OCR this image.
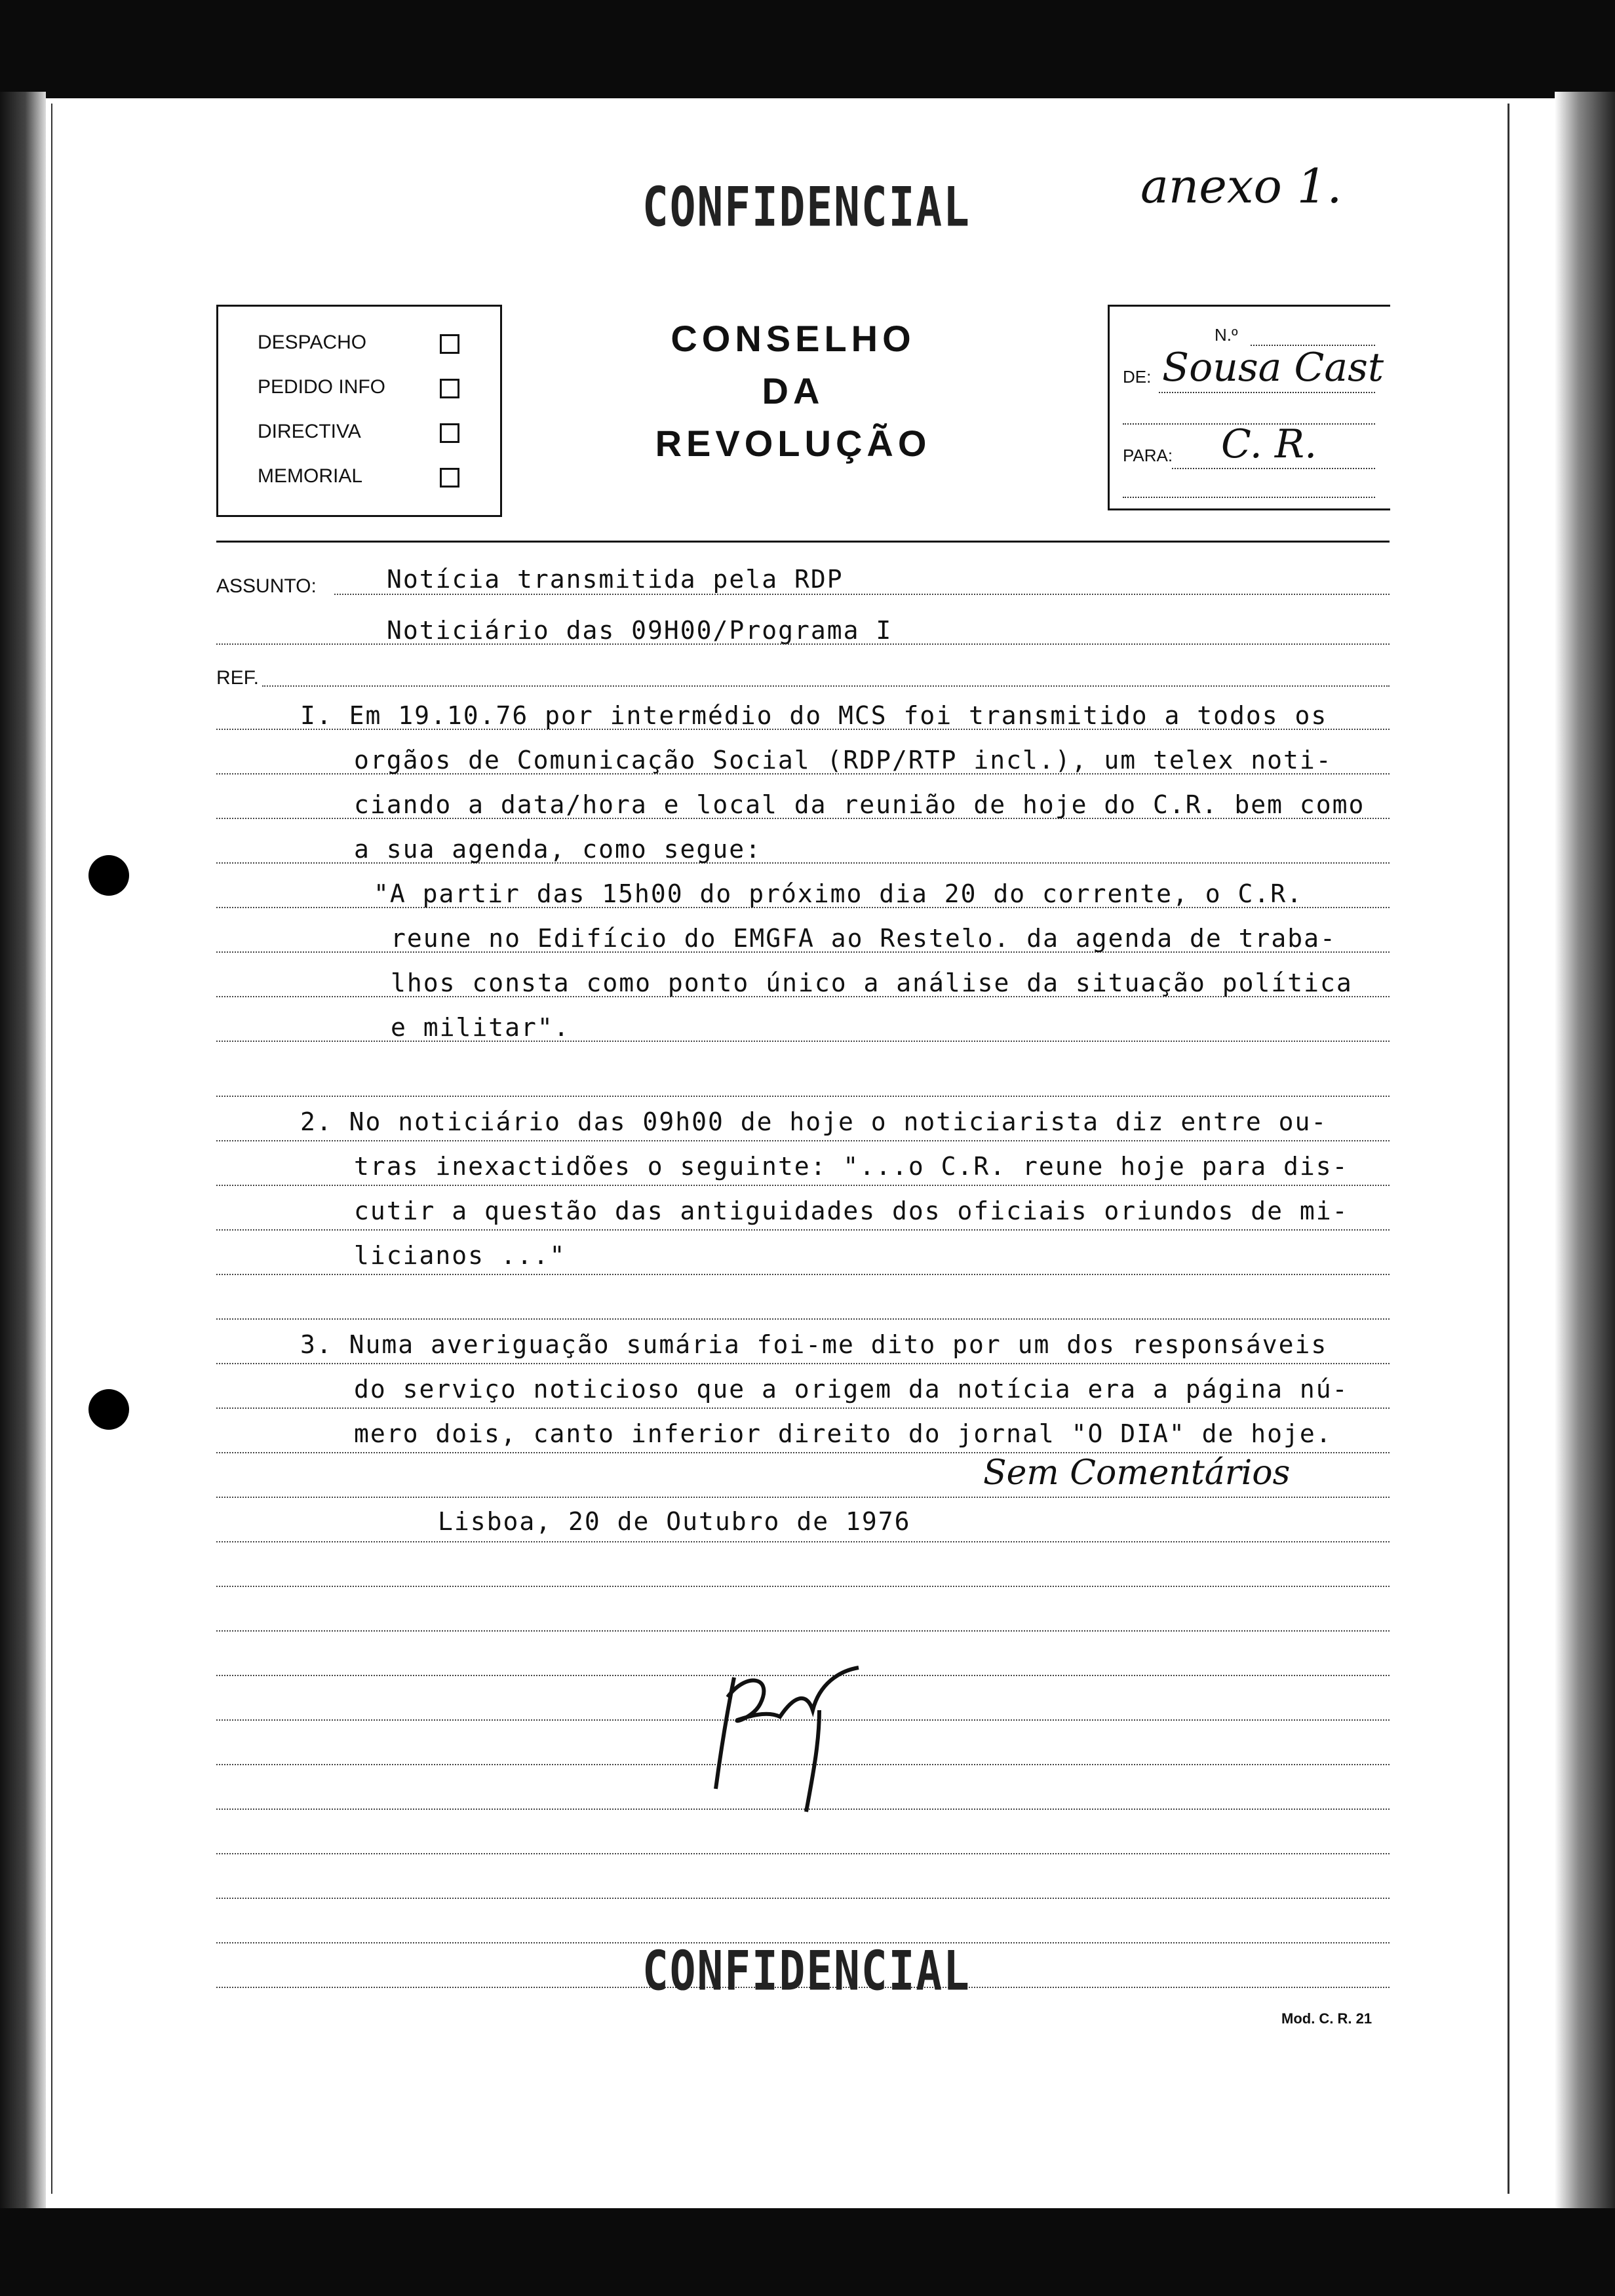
CONFIDENCIAL	anexo 1.
DESPACHO
PEDIDO INFO
DIRECTIVA
MEMORIAL
CONSELHO
DA
REVOLUÇÃO
N.º
DE: Sousa Cast
PARA: C. R.
ASSUNTO:	Notícia transmitida pela RDP
Noticiário das 09H00/Programa I
REF.
I. Em 19.10.76 por intermédio do MCS foi transmitido a todos os
orgãos de Comunicação Social (RDP/RTP incl.), um telex noti-
ciando a data/hora e local da reunião de hoje do C.R. bem como
a sua agenda, como segue:
"A partir das 15h00 do próximo dia 20 do corrente, o C.R.
reune no Edifício do EMGFA ao Restelo. da agenda de traba-
lhos consta como ponto único a análise da situação política
e militar".
2. No noticiário das 09h00 de hoje o noticiarista diz entre ou-
tras inexactidões o seguinte: "...o C.R. reune hoje para dis-
cutir a questão das antiguidades dos oficiais oriundos de mi-
licianos ..."
3. Numa averiguação sumária foi-me dito por um dos responsáveis
do serviço noticioso que a origem da notícia era a página nú-
mero dois, canto inferior direito do jornal "O DIA" de hoje.
Sem Comentários
Lisboa, 20 de Outubro de 1976
CONFIDENCIAL
Mod. C. R. 21
